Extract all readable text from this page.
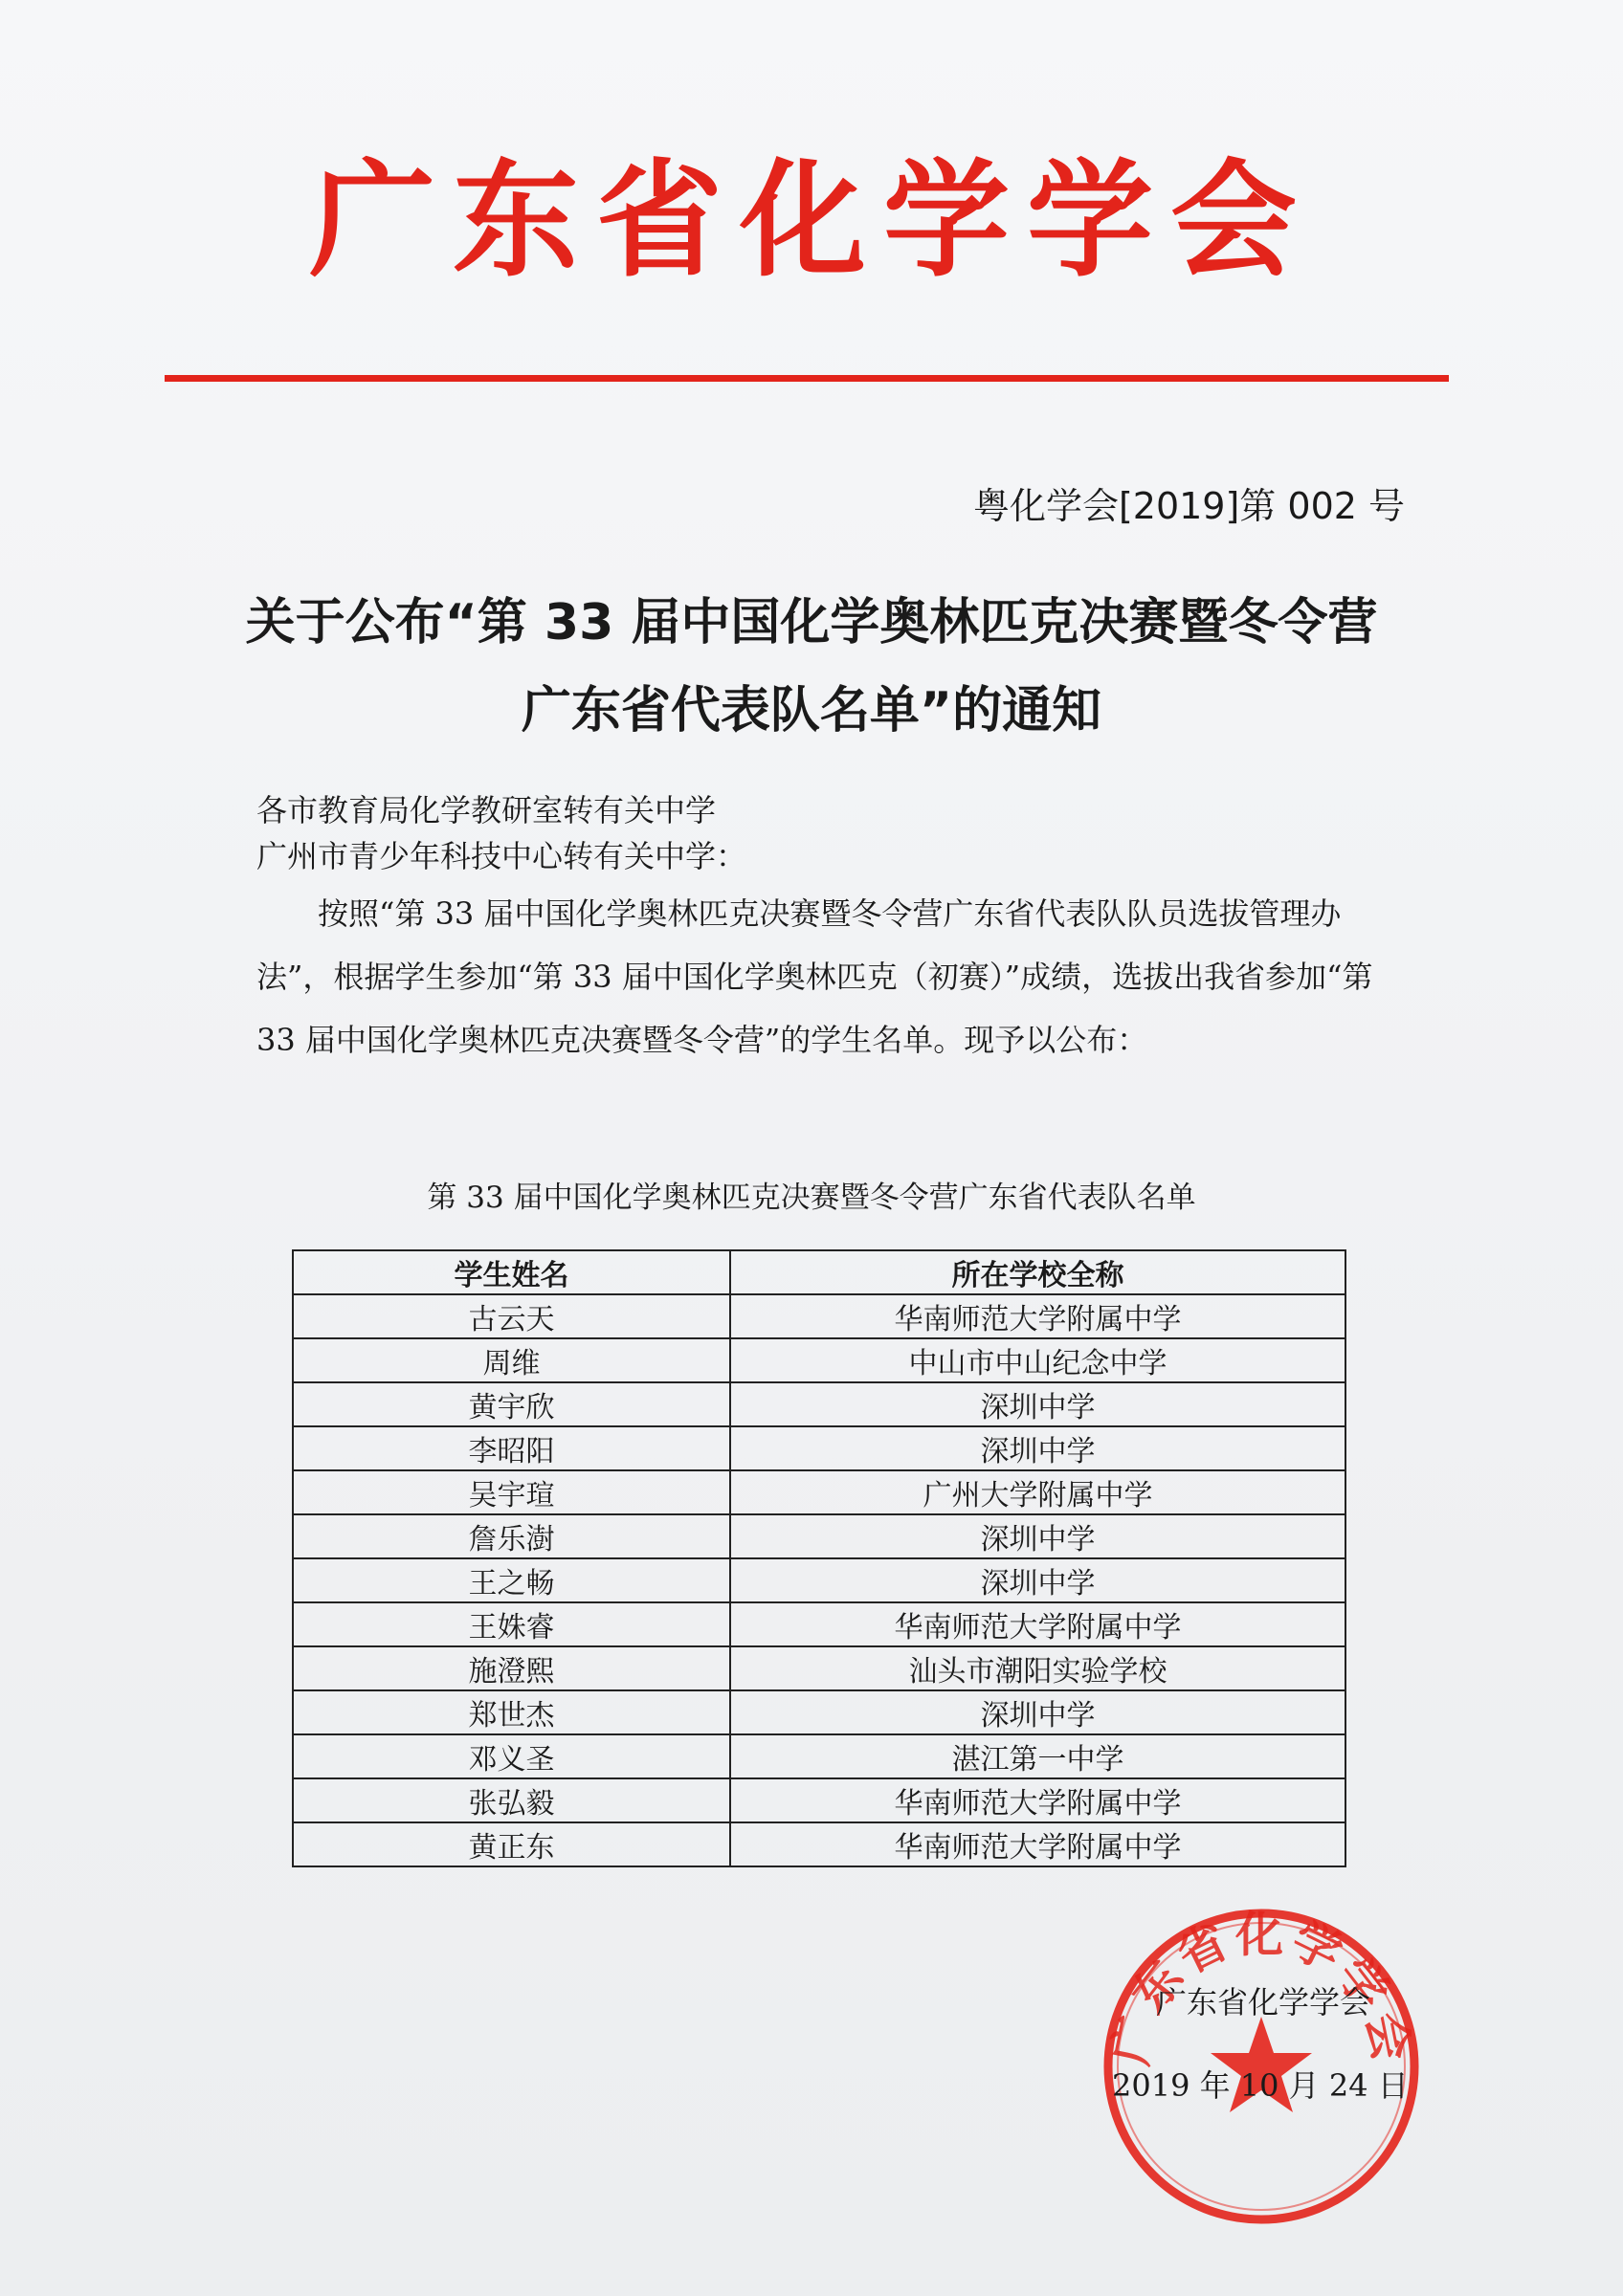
广东省化学学会
粤化学会[2019]第 002 号
关于公布“第 33 届中国化学奥林匹克决赛暨冬令营
广东省代表队名单”的通知
各市教育局化学教研室转有关中学
广州市青少年科技中心转有关中学：
按照“第 33 届中国化学奥林匹克决赛暨冬令营广东省代表队队员选拔管理办法”，根据学生参加“第 33 届中国化学奥林匹克（初赛）”成绩，选拔出我省参加“第 33 届中国化学奥林匹克决赛暨冬令营”的学生名单。现予以公布：
第 33 届中国化学奥林匹克决赛暨冬令营广东省代表队名单
学生姓名	所在学校全称
古云天	华南师范大学附属中学
周维	中山市中山纪念中学
黄宇欣	深圳中学
李昭阳	深圳中学
吴宇瑄	广州大学附属中学
詹乐澍	深圳中学
王之畅	深圳中学
王姝睿	华南师范大学附属中学
施澄熙	汕头市潮阳实验学校
郑世杰	深圳中学
邓义圣	湛江第一中学
张弘毅	华南师范大学附属中学
黄正东	华南师范大学附属中学
广东省化学学会
广东省化学学会
2019 年 10 月 24 日
